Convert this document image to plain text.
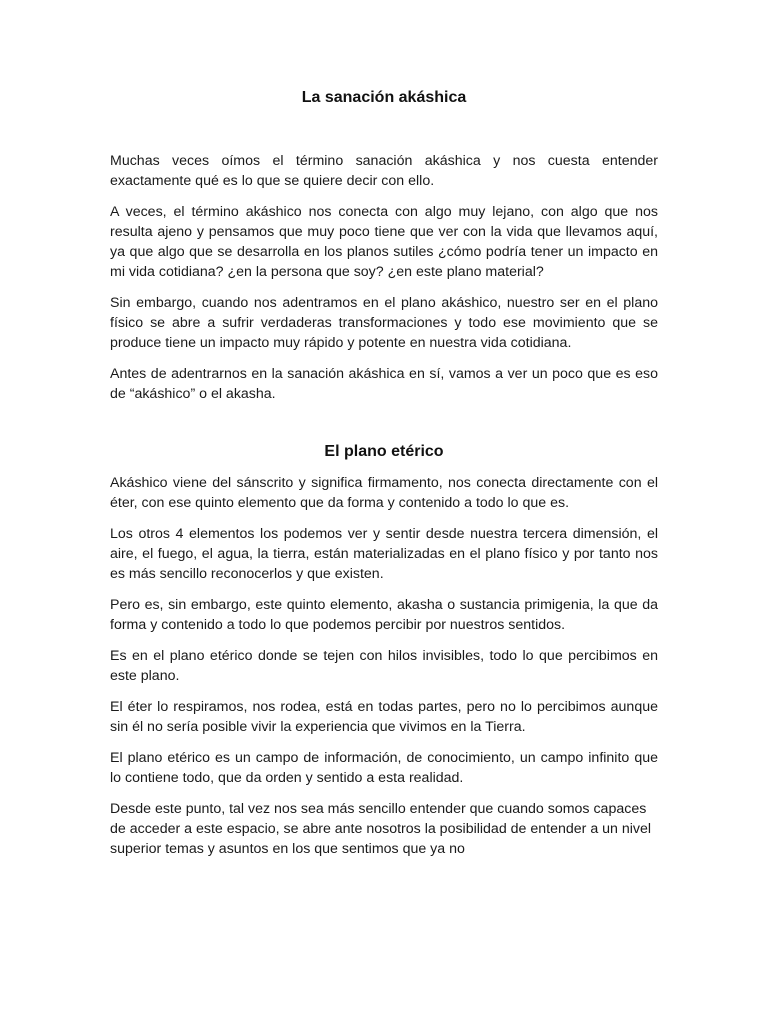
La sanación akáshica

Muchas veces oímos el término sanación akáshica y nos cuesta entender exactamente qué es lo que se quiere decir con ello.

A veces, el término akáshico nos conecta con algo muy lejano, con algo que nos resulta ajeno y pensamos que muy poco tiene que ver con la vida que llevamos aquí, ya que algo que se desarrolla en los planos sutiles ¿cómo podría tener un impacto en mi vida cotidiana? ¿en la persona que soy? ¿en este plano material?

Sin embargo, cuando nos adentramos en el plano akáshico, nuestro ser en el plano físico se abre a sufrir verdaderas transformaciones y todo ese movimiento que se produce tiene un impacto muy rápido y potente en nuestra vida cotidiana.

Antes de adentrarnos en la sanación akáshica en sí, vamos a ver un poco que es eso de “akáshico” o el akasha.

El plano etérico

Akáshico viene del sánscrito y significa firmamento, nos conecta directamente con el éter, con ese quinto elemento que da forma y contenido a todo lo que es.

Los otros 4 elementos los podemos ver y sentir desde nuestra tercera dimensión, el aire, el fuego, el agua, la tierra, están materializadas en el plano físico y por tanto nos es más sencillo reconocerlos y que existen.

Pero es, sin embargo, este quinto elemento, akasha o sustancia primigenia, la que da forma y contenido a todo lo que podemos percibir por nuestros sentidos.

Es en el plano etérico donde se tejen con hilos invisibles, todo lo que percibimos en este plano.

El éter lo respiramos, nos rodea, está en todas partes, pero no lo percibimos aunque sin él no sería posible vivir la experiencia que vivimos en la Tierra.

El plano etérico es un campo de información, de conocimiento, un campo infinito que lo contiene todo, que da orden y sentido a esta realidad.

Desde este punto, tal vez nos sea más sencillo entender que cuando somos capaces de acceder a este espacio, se abre ante nosotros la posibilidad de entender a un nivel superior temas y asuntos en los que sentimos que ya no
